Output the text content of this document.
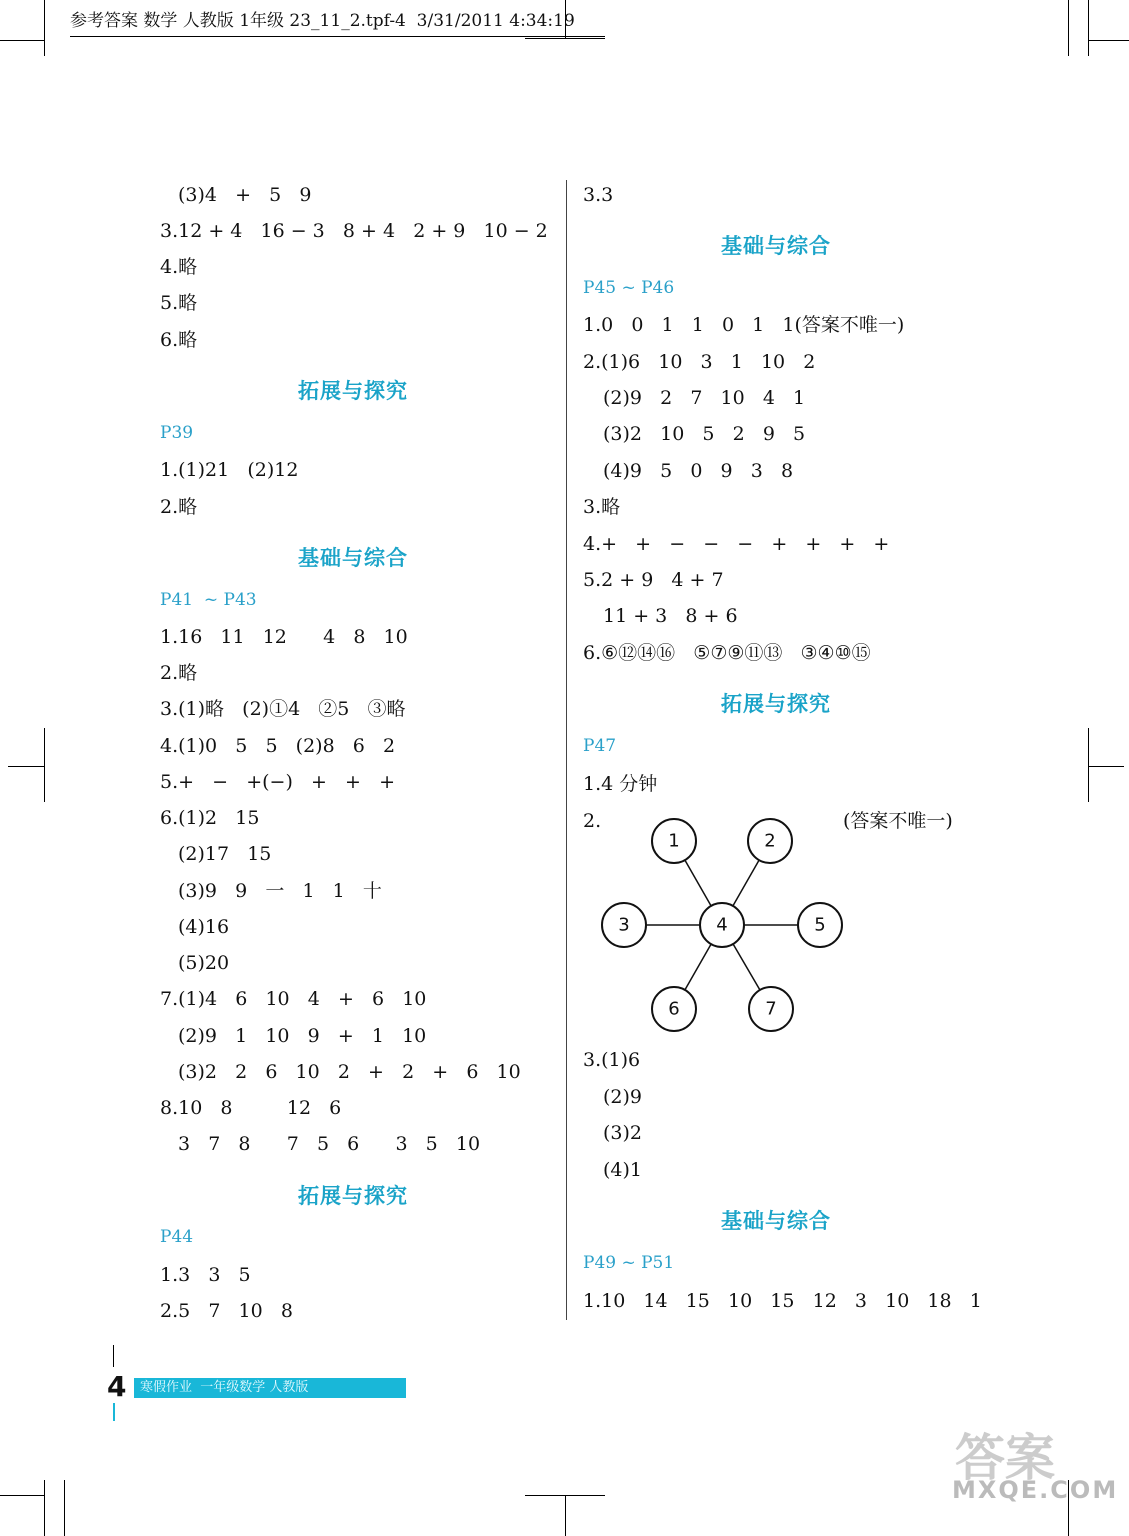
参考答案 数学 人教版 1年级 23_11_2.tpf-4  3/31/2011 4:34:19
(3)4   +   5   9
3.12 + 4   16 − 3   8 + 4   2 + 9   10 − 2
4.略
5.略
6.略
拓展与探究
P39
1.(1)21   (2)12
2.略
基础与综合
P41  ~ P43
1.16   11   12      4   8   10
2.略
3.(1)略   (2)①4   ②5   ③略
4.(1)0   5   5   (2)8   6   2
5.+   −   +(−)   +   +   +
6.(1)2   15
(2)17   15
(3)9   9   一   1   1   十
(4)16
(5)20
7.(1)4   6   10   4   +   6   10
(2)9   1   10   9   +   1   10
(3)2   2   6   10   2   +   2   +   6   10
8.10   8         12   6
3   7   8      7   5   6      3   5   10
拓展与探究
P44
1.3   3   5
2.5   7   10   8
3.3
基础与综合
P45 ~ P46
1.0   0   1   1   0   1   1(答案不唯一)
2.(1)6   10   3   1   10   2
(2)9   2   7   10   4   1
(3)2   10   5   2   9   5
(4)9   5   0   9   3   8
3.略
4.+   +   −   −   −   +   +   +   +
5.2 + 9   4 + 7
11 + 3   8 + 6
6.⑥⑫⑭⑯   ⑤⑦⑨⑪⑬   ③④⑩⑮
拓展与探究
P47
1.4 分钟
2.	(答案不唯一)
1	2
3	4	5
6	7
3.(1)6
(2)9
(3)2
(4)1
基础与综合
P49 ~ P51
1.10   14   15   10   15   12   3   10   18   1
4 寒假作业  一年级数学 人教版
答案
MXQE.COM
